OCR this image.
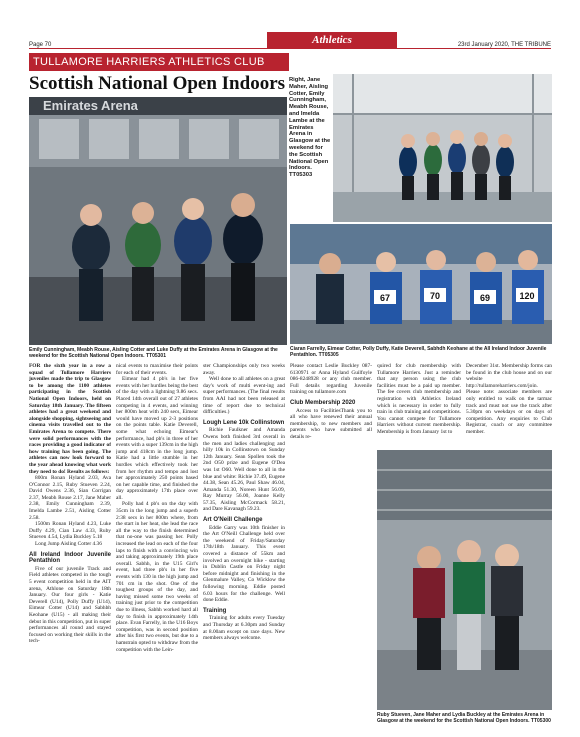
Page 70	Athletics	23rd January 2020, THE TRIBUNE
TULLAMORE HARRIERS ATHLETICS CLUB
Scottish National Open Indoors
Emirates Arena
Emily Cunningham, Meabh Rouse, Aisling Cotter and Luke Duffy at the Emirates Arena in Glasgow at the weekend for the Scottish National Open Indoors. TT05301
Right, Jane Maher, Aisling Cotter, Emily Cunningham, Meabh Rouse, and Imelda Lambe at the Emirates Arena in Glasgow at the weekend for the Scottish National Open Indoors. TT05303
67	70	69	120
Ciaran Farrelly, Eimear Cotter, Polly Duffy, Katie Deverell, Sabhdh Keohane at the All Ireland Indoor Juvenile Pentathlon. TT05305

FOR the sixth year in a row a squad of Tullamore Harriers juveniles made the trip to Glasgow to be among the 1100 athletes participating in the Scottish National Open Indoors, held on Saturday 18th January. The fifteen athletes had a great weekend and alongside shopping, sightseeing and cinema visits travelled out to the Emirates Arena to compete. There were solid performances with the races providing a good indicator of how training has been going. The athletes can now look forward to the year ahead knowing what work they need to do! Results as follows:

800m Ronan Hyland 2.03, Ava O'Connor 2.15, Ruby Stueven 2.24, David Owens 2.36, Sian Corrigan 2.37, Meabh Rouse 2.17, Jane Maher 2.38, Emily Cunningham 2.39, Imelda Lambe 2.51, Aisling Cotter 2.58.

1500m Ronan Hyland 4.23, Luke Duffy 4.29, Cian Law 4.33, Ruby Stueven 4.54, Lydia Buckley 5.18

Long Jump Aisling Cotter 4.36

All Ireland Indoor Juvenile Pentathlon

Five of our juvenile Track and Field athletes competed in the tough 5 event competition held in the AIT arena, Athlone on Saturday 18th January. Our four girls - Katie Deverell (U14), Polly Duffy (U14), Eimear Cotter (U14) and Sabhbh Keohane (U15) - all making their debut in this competition, put in super performances all round and stayed focused on working their skills in the tech-

nical events to maximise their points for each of their events.

Eimear had 4 pb's in her five events with her hurdles being the best of the day with a lightning 9.86 secs. Placed 14th overall out of 27 athletes competing in 4 events, and winning her 800m heat with 240 secs, Eimear would have moved up 2-3 positions on the points table. Katie Deverell, some what echoing Eimear's performance, had pb's in three of her events with a super 139cm in the high jump and 418cm in the long jump. Katie had a little stumble in her hurdles which effectively took her from her rhythm and tempo and lost her approximately 250 points based on her capable time, and finished the day approximately 17th place over all.

Polly had 4 pb's on the day with 35cm in the long jump and a superb 2:38 secs in her 800m where, from the start in her heat, she lead the race all the way to the finish determined that no-one was passing her. Polly increased the lead on each of the four laps to finish with a convincing win and taking approximately 19th place overall. Sabhh, in the U15 Girl's event, had three pb's in her five events with 130 in the high jump and 701 cm in the shot. One of the toughest groups of the day, and having missed some two weeks of training just prior to the competition due to illness, Sabhh worked hard all day to finish in approximately 14th place. Evan Farrelly, in the U16 Boys competition, was in second position after his first two events, but due to a hamstrain opted to withdraw from the competition with the Lein-

ster Championships only two weeks away.

Well done to all athletes on a great day's work of multi event-ing and super performances. (The final results from AAI had not been released at time of report due to technical difficulties.)

Lough Lene 10k Collinstown

Richie Faulkner and Amanda Owens both finished 3rd overall in the men and ladies challenging and hilly 10k in Collinstown on Sunday 12th January. Sean Spollen took the 2nd O50 prize and Eugene O'Dea was 1st O60. Well done to all in the blue and white: Richie 37.49, Eugene 44.38, Sean 45.26, Paul Shaw 46.04, Amanda 51.30, Noreen Hunt 56.09, Ray Murray 56.00, Joanne Kelly 57.35, Aisling McCormack 58.21, and Dare Kavanagh 59.23.

Art O'Neill Challenge

Eddie Garry was 10th finisher in the Art O'Neill Challenge held over the weekend of Friday/Saturday 17th/18th January. This event covered a distance of 55km and involved an overnight hike - starting in Dublin Castle on Friday night before midnight and finishing in the Glenmalure Valley, Co Wicklow the following morning. Eddie posted 6.03 hours for the challenge. Well done Eddie.

Training

Training for adults every Tuesday and Thursday at 6.30pm and Sunday at 8.00am except on race days. New members always welcome.

Please contact Leslie Buckley 087-6130971 or Anna Hyland Guilfoyle 086-8248928 or any club member. Full details regarding Juvenile training on tullamore.com

Club Membership 2020

Access to FacilitiesThank you to all who have renewed their annual membership, to new members and parents who have submitted all details re-

quired for club membership with Tullamore Harriers. Just a reminder that any person using the club facilities must be a paid up member. The fee covers club membership and registration with Athletics Ireland which is necessary in order to fully train in club training and competitions. You cannot compete for Tullamore Harriers without current membership. Membership is from January 1st to

December 31st. Membership forms can be found in the club house and on our website http://tullamoreharriers.com/join. Please note: associate members are only entitled to walk on the tarmac track and must not use the track after 5.30pm on weekdays or on days of competition. Any enquiries to Club Registrar, coach or any committee member.

Ruby Stueven, Jane Maher and Lydia Buckley at the Emirates Arena in Glasgow at the weekend for the Scottish National Open Indoors. TT05300
